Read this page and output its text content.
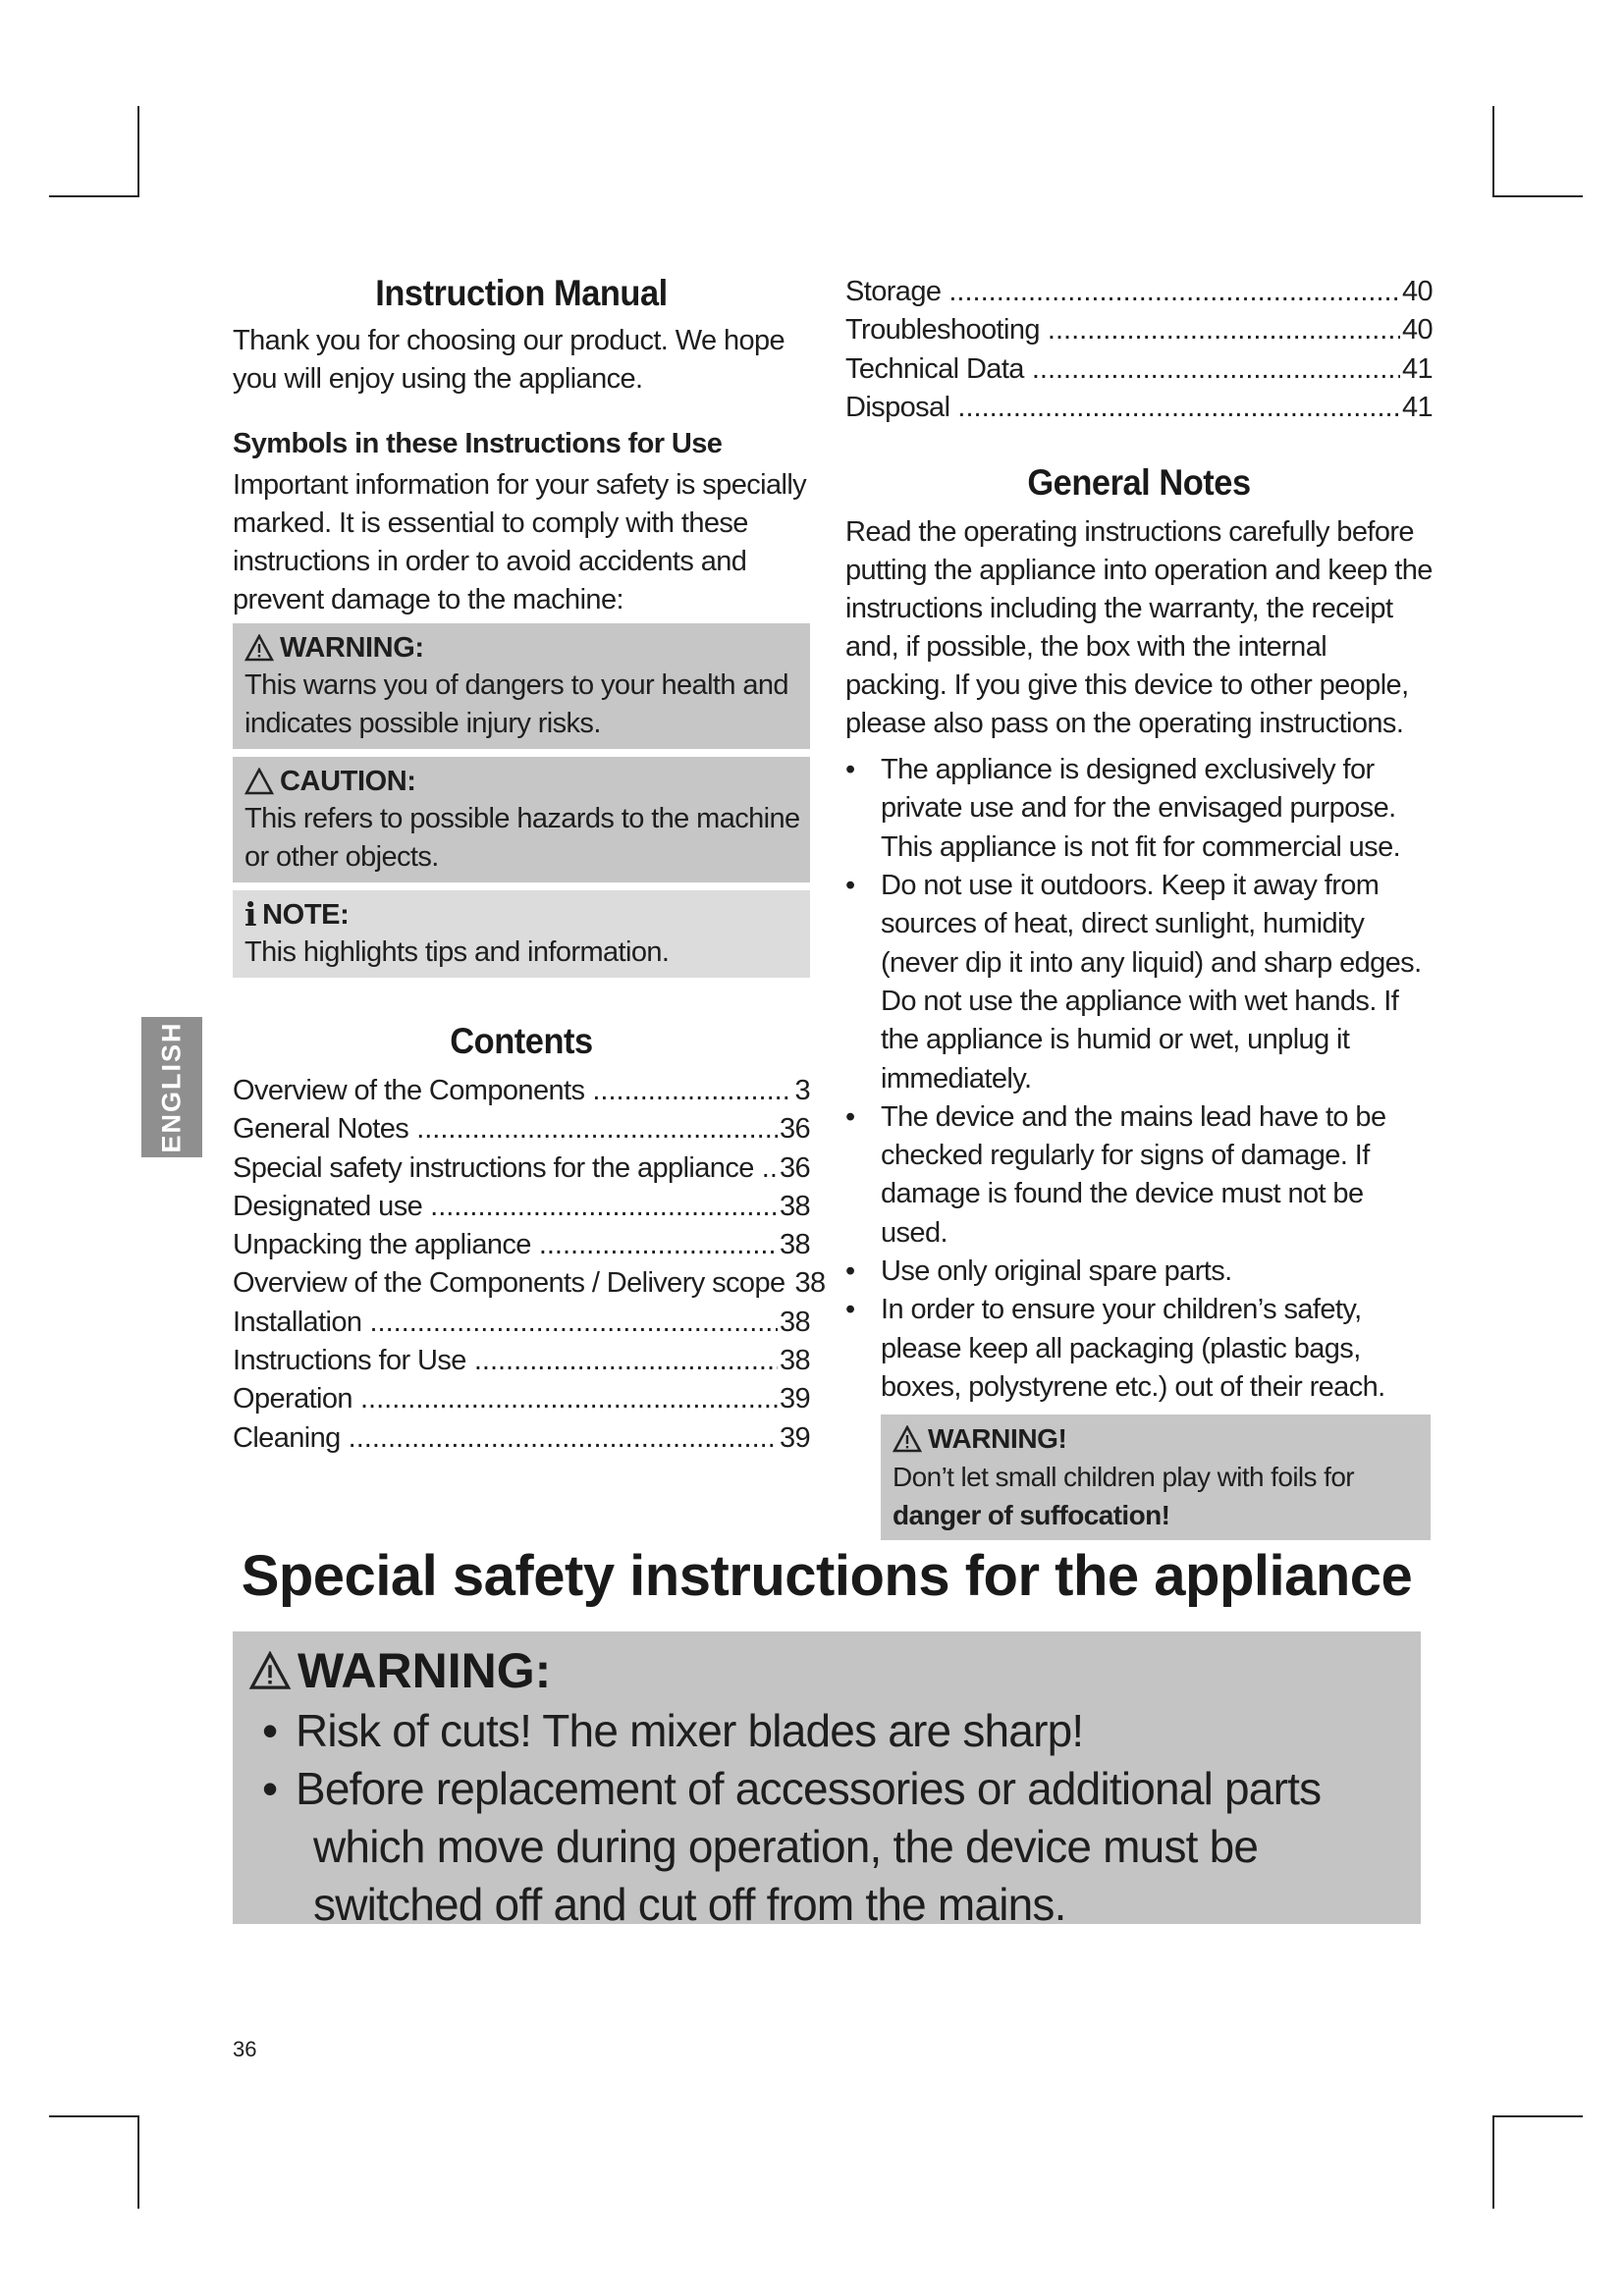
ENGLISH
Instruction Manual

Thank you for choosing our product. We hope you will enjoy using the appliance.

Symbols in these Instructions for Use

Important information for your safety is specially marked. It is essential to comply with these instructions in order to avoid accidents and prevent damage to the machine:

WARNING:
This warns you of dangers to your health and indicates possible injury risks.
CAUTION:
This refers to possible hazards to the machine or other objects.
i NOTE:
This highlights tips and information.
Contents
Overview of the Components .....	3
General Notes .....	36
Special safety instructions for the appliance ..... 36
Designated use .....	38
Unpacking the appliance .....	38
Overview of the Components / Delivery scope 38
Installation .....	38
Instructions for Use .....	38
Operation .....	39
Cleaning .....	39
Storage .....	40
Troubleshooting .....	40
Technical Data .....	41
Disposal .....	41
General Notes

Read the operating instructions carefully before putting the appliance into operation and keep the instructions including the warranty, the receipt and, if possible, the box with the internal packing. If you give this device to other people, please also pass on the operating instructions.

• The appliance is designed exclusively for private use and for the envisaged purpose. This appliance is not fit for commercial use.
• Do not use it outdoors. Keep it away from sources of heat, direct sunlight, humidity (never dip it into any liquid) and sharp edges. Do not use the appliance with wet hands. If the appliance is humid or wet, unplug it immediately.
• The device and the mains lead have to be checked regularly for signs of damage. If damage is found the device must not be used.
• Use only original spare parts.
• In order to ensure your children’s safety, please keep all packaging (plastic bags, boxes, polystyrene etc.) out of their reach.
WARNING!
Don’t let small children play with foils for danger of suffocation!
Special safety instructions for the appliance
WARNING:
• Risk of cuts! The mixer blades are sharp!
• Before replacement of accessories or additional parts which move during operation, the device must be switched off and cut off from the mains.
36
